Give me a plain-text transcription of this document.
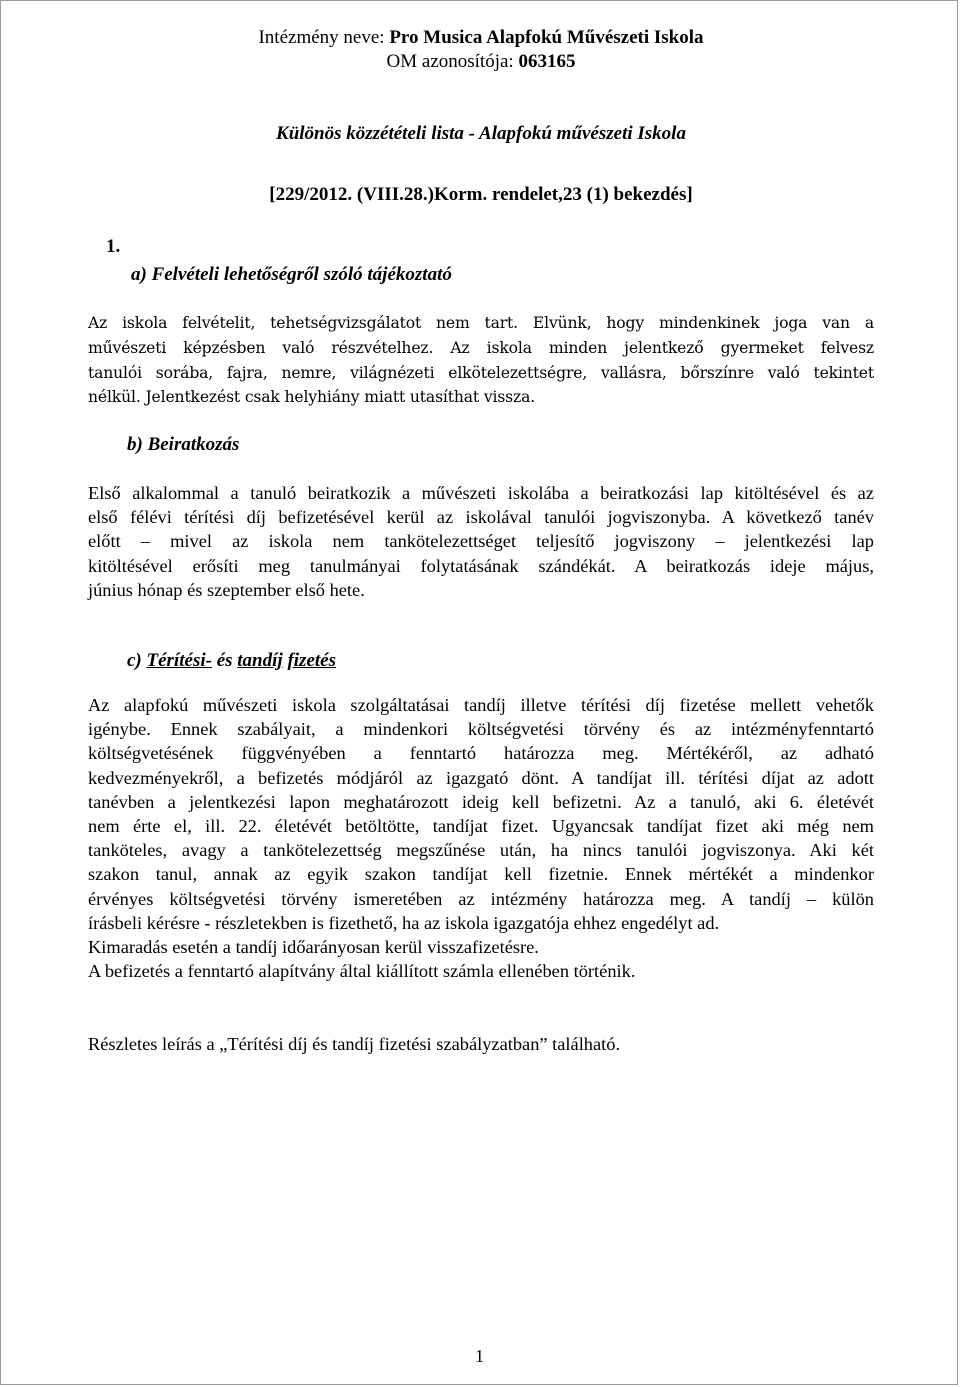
Intézmény neve: Pro Musica Alapfokú Művészeti Iskola
OM azonosítója: 063165
Különös közzétételi lista - Alapfokú művészeti Iskola
[229/2012. (VIII.28.)Korm. rendelet,23 (1) bekezdés]
1.
a) Felvételi lehetőségről szóló tájékoztató
Az iskola felvételit, tehetségvizsgálatot nem tart. Elvünk, hogy mindenkinek joga van a
művészeti képzésben való részvételhez. Az iskola minden jelentkező gyermeket felvesz
tanulói sorába, fajra, nemre, világnézeti elkötelezettségre, vallásra, bőrszínre való tekintet
nélkül. Jelentkezést csak helyhiány miatt utasíthat vissza.
b) Beiratkozás
Első alkalommal a tanuló beiratkozik a művészeti iskolába a beiratkozási lap kitöltésével és az
első félévi térítési díj befizetésével kerül az iskolával tanulói jogviszonyba. A következő tanév
előtt – mivel az iskola nem tankötelezettséget teljesítő jogviszony – jelentkezési lap
kitöltésével erősíti meg tanulmányai folytatásának szándékát. A beiratkozás ideje május,
június hónap és szeptember első hete.
c) Térítési- és tandíj fizetés
Az alapfokú művészeti iskola szolgáltatásai tandíj illetve térítési díj fizetése mellett vehetők
igénybe. Ennek szabályait, a mindenkori költségvetési törvény és az intézményfenntartó
költségvetésének függvényében a fenntartó határozza meg. Mértékéről, az adható
kedvezményekről, a befizetés módjáról az igazgató dönt. A tandíjat ill. térítési díjat az adott
tanévben a jelentkezési lapon meghatározott ideig kell befizetni. Az a tanuló, aki 6. életévét
nem érte el, ill. 22. életévét betöltötte, tandíjat fizet. Ugyancsak tandíjat fizet aki még nem
tanköteles, avagy a tankötelezettség megszűnése után, ha nincs tanulói jogviszonya. Aki két
szakon tanul, annak az egyik szakon tandíjat kell fizetnie. Ennek mértékét a mindenkor
érvényes költségvetési törvény ismeretében az intézmény határozza meg. A tandíj – külön
írásbeli kérésre - részletekben is fizethető, ha az iskola igazgatója ehhez engedélyt ad.
Kimaradás esetén a tandíj időarányosan kerül visszafizetésre.
A befizetés a fenntartó alapítvány által kiállított számla ellenében történik.
Részletes leírás a „Térítési díj és tandíj fizetési szabályzatban” található.
1
